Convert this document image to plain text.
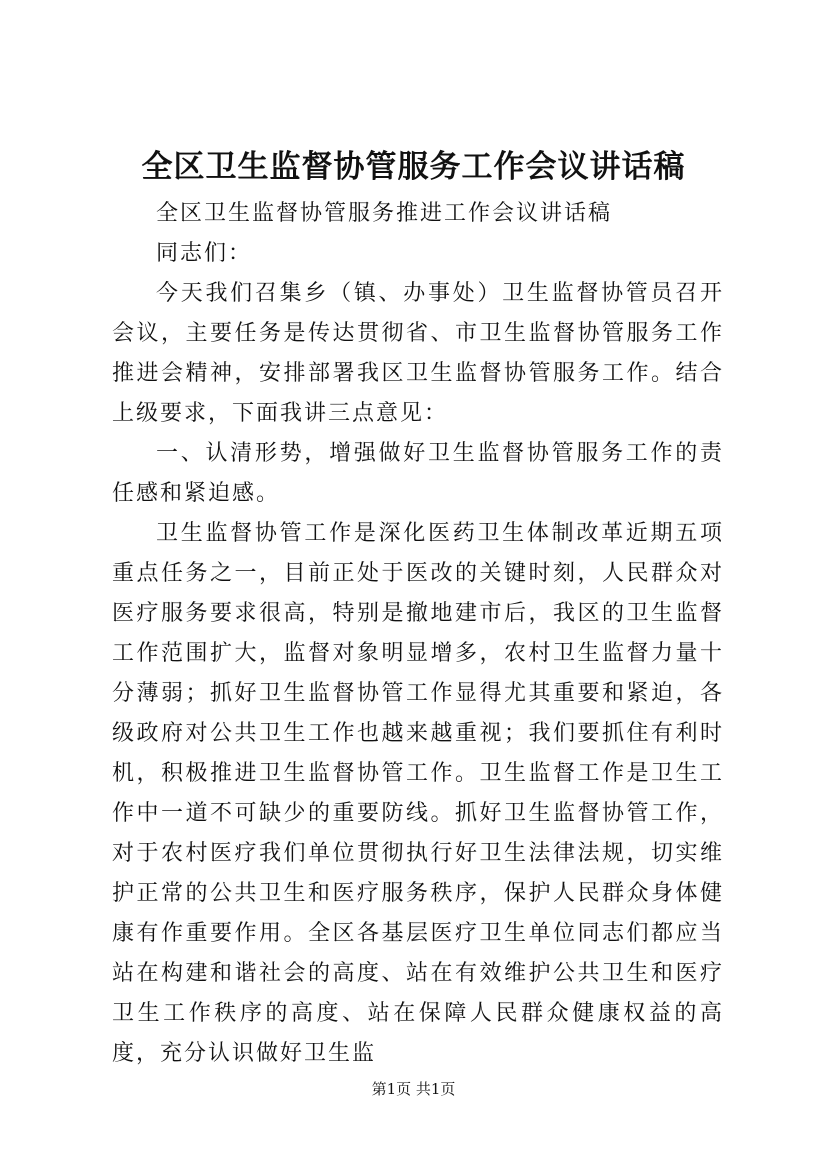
全区卫生监督协管服务工作会议讲话稿

全区卫生监督协管服务推进工作会议讲话稿

同志们：

今天我们召集乡（镇、办事处）卫生监督协管员召开会议，主要任务是传达贯彻省、市卫生监督协管服务工作推进会精神，安排部署我区卫生监督协管服务工作。结合上级要求，下面我讲三点意见：

一、认清形势，增强做好卫生监督协管服务工作的责任感和紧迫感。

卫生监督协管工作是深化医药卫生体制改革近期五项重点任务之一，目前正处于医改的关键时刻，人民群众对医疗服务要求很高，特别是撤地建市后，我区的卫生监督工作范围扩大，监督对象明显增多，农村卫生监督力量十分薄弱；抓好卫生监督协管工作显得尤其重要和紧迫，各级政府对公共卫生工作也越来越重视；我们要抓住有利时机，积极推进卫生监督协管工作。卫生监督工作是卫生工作中一道不可缺少的重要防线。抓好卫生监督协管工作，对于农村医疗我们单位贯彻执行好卫生法律法规，切实维护正常的公共卫生和医疗服务秩序，保护人民群众身体健康有作重要作用。全区各基层医疗卫生单位同志们都应当站在构建和谐社会的高度、站在有效维护公共卫生和医疗卫生工作秩序的高度、站在保障人民群众健康权益的高度，充分认识做好卫生监

第1页 共1页
